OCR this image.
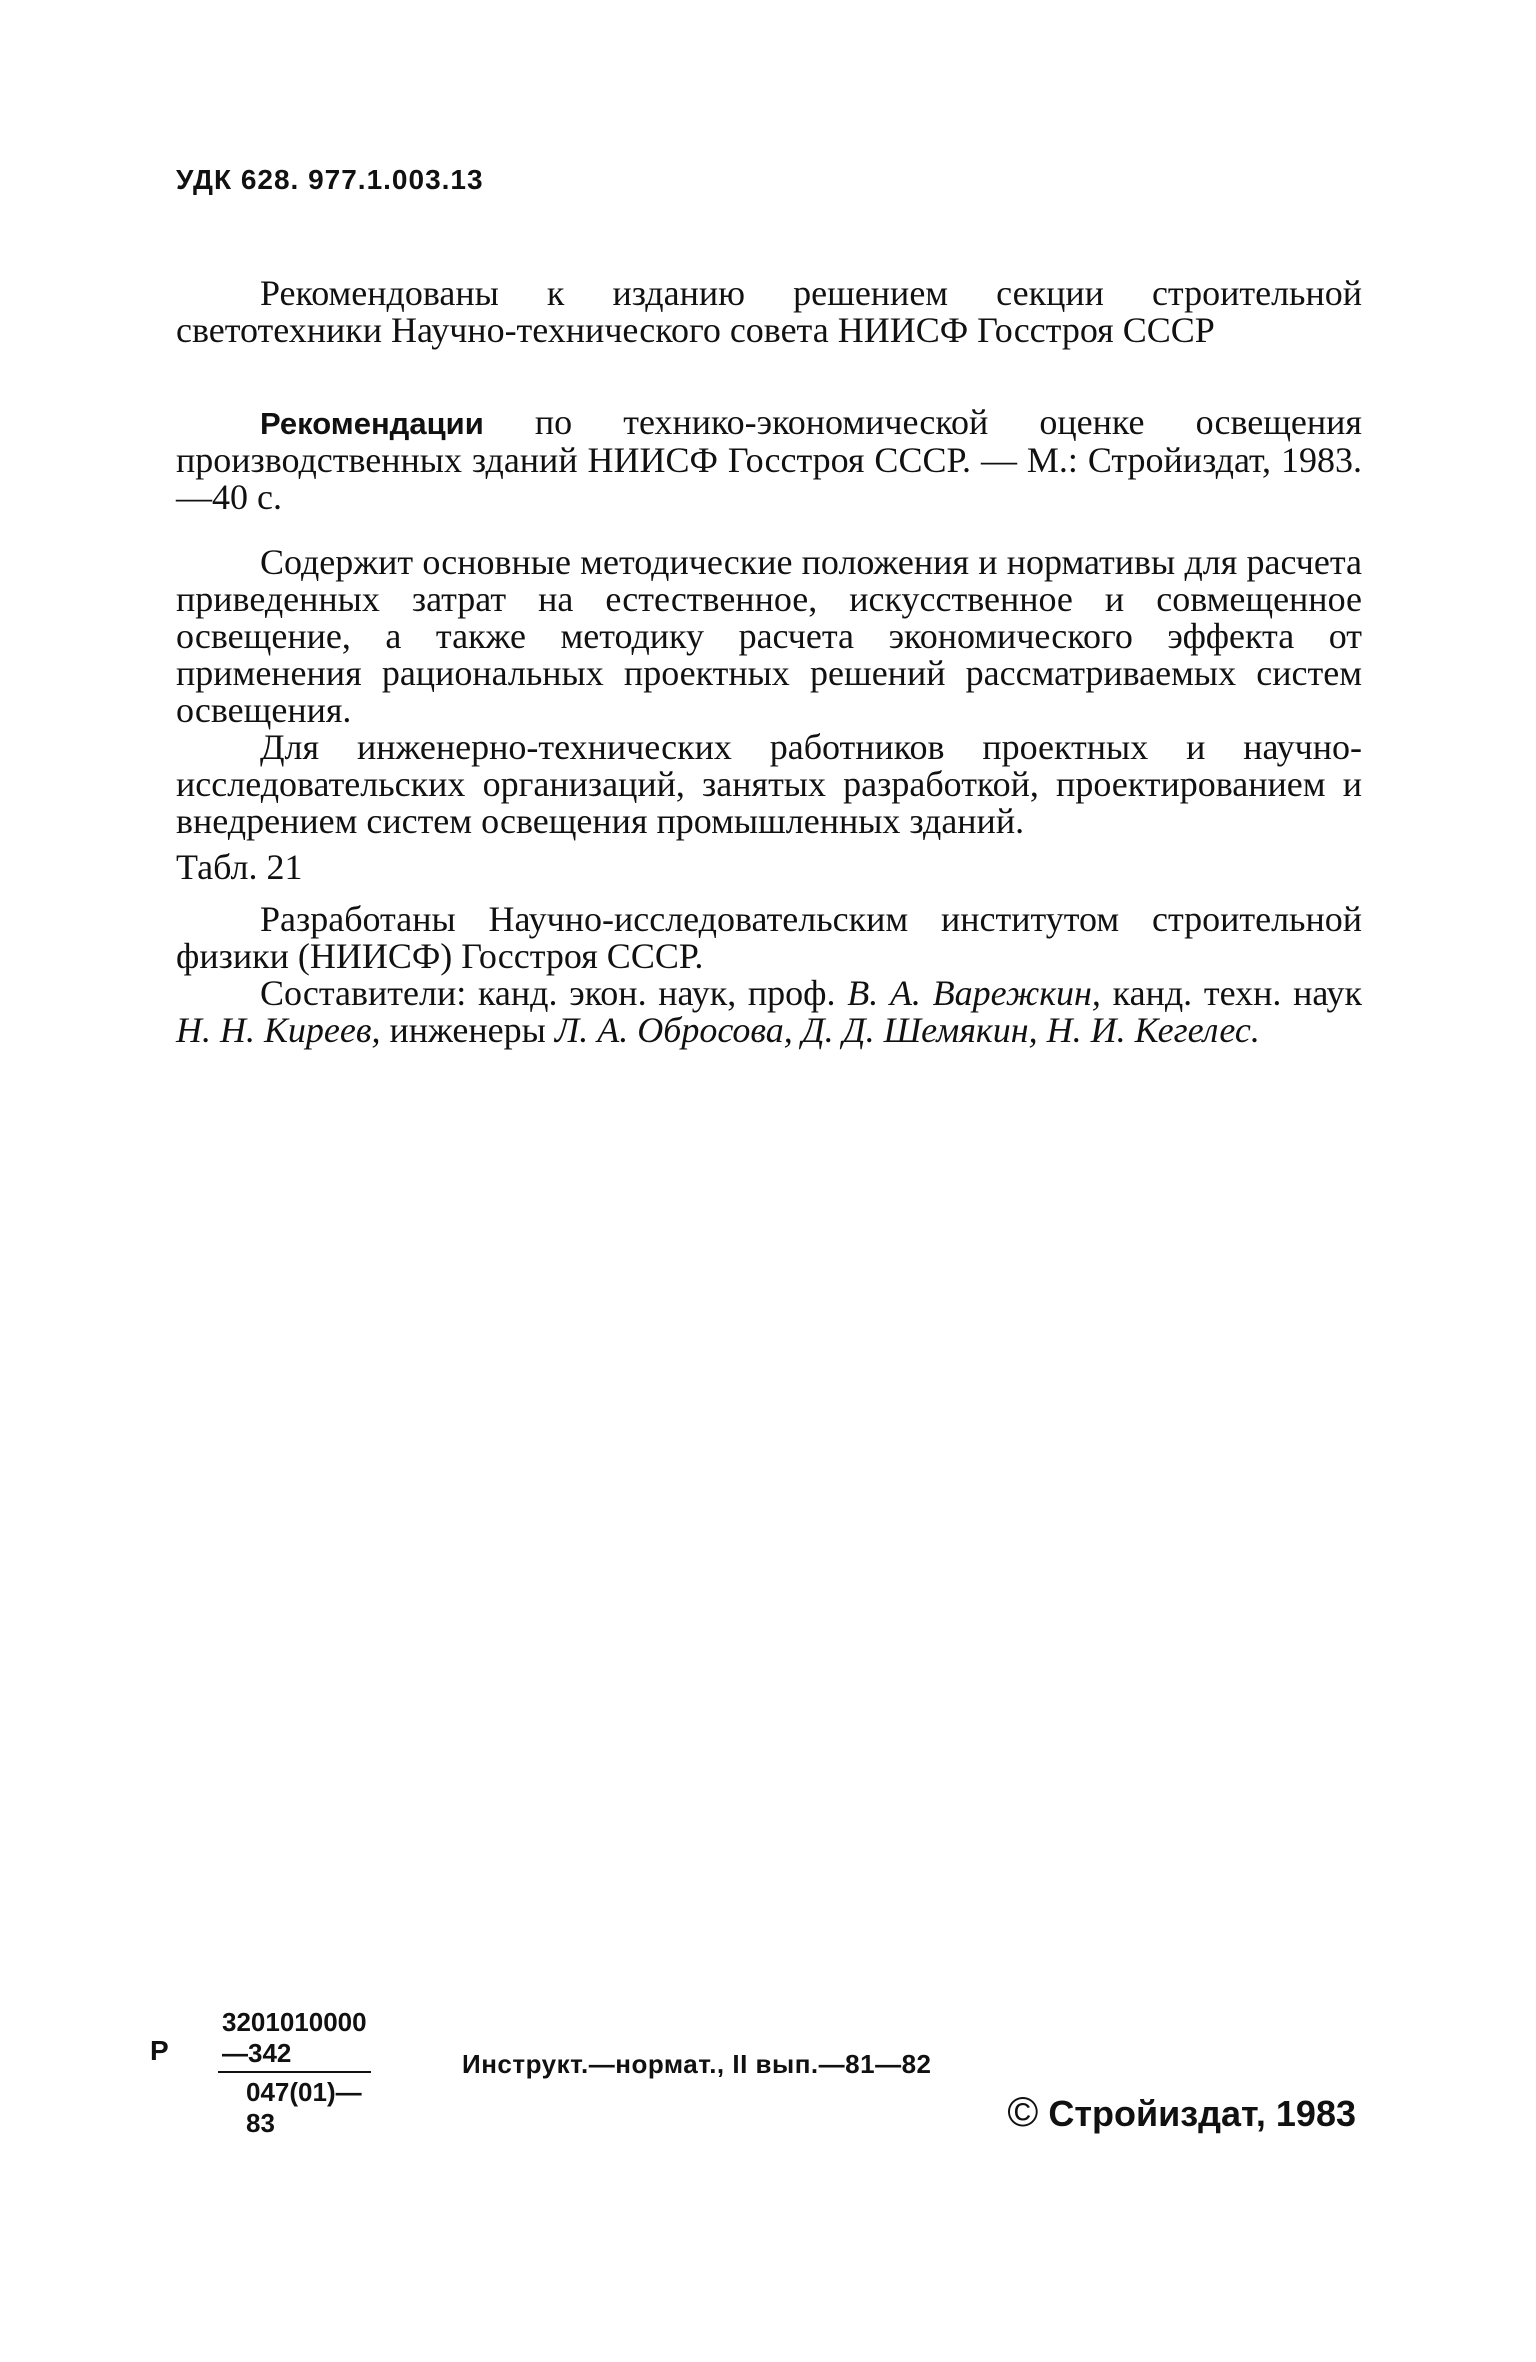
УДК 628. 977.1.003.13

Рекомендованы к изданию решением секции строительной светотехники Научно-технического совета НИИСФ Госстроя СССР

Рекомендации по технико-экономической оценке освещения производственных зданий НИИСФ Госстроя СССР. — М.: Стройиздат, 1983.—40 с.

Содержит основные методические положения и нормативы для расчета приведенных затрат на естественное, искусственное и совмещенное освещение, а также методику расчета экономического эффекта от применения рациональных проектных решений рассматриваемых систем освещения.

Для инженерно-технических работников проектных и научно-исследовательских организаций, занятых разработкой, проектированием и внедрением систем освещения промышленных зданий.

Табл. 21

Разработаны Научно-исследовательским институтом строительной физики (НИИСФ) Госстроя СССР.

Составители: канд. экон. наук, проф. В. А. Варежкин, канд. техн. наук Н. Н. Киреев, инженеры Л. А. Обросова, Д. Д. Шемякин, Н. И. Кегелес.

Р $\frac{3201010000—342}{047(01)—83}$	Инструкт.—нормат., II вып.—81—82
© Стройиздат, 1983
